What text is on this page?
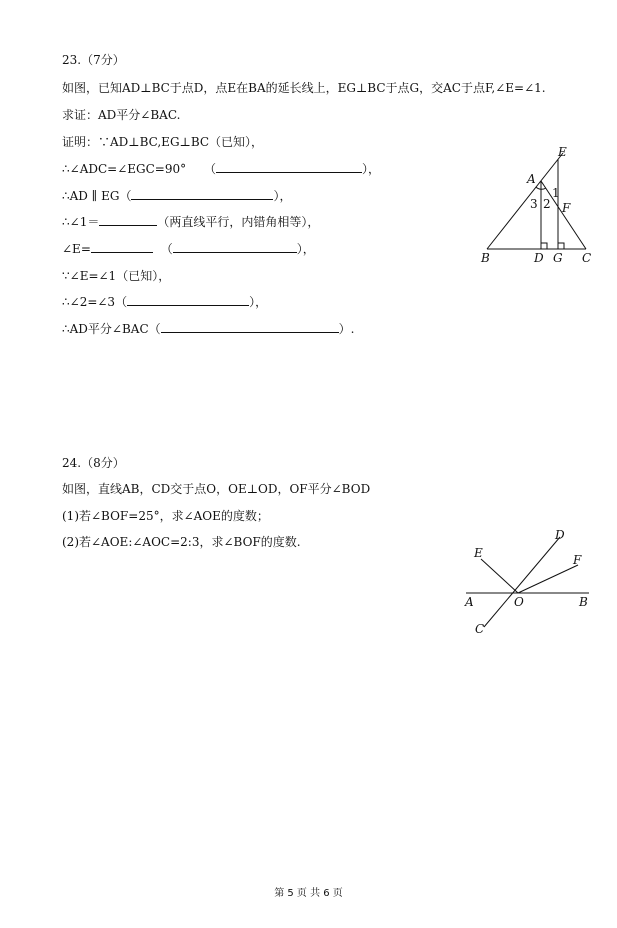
23.（7分）
如图，已知AD⊥BC于点D，点E在BA的延长线上，EG⊥BC于点G，交AC于点F,∠E=∠1.
求证：AD平分∠BAC.
证明：∵AD⊥BC,EG⊥BC（已知），
∴∠ADC=∠EGC=90° （	），
∴AD ∥ EG（	），
∴∠1＝	（两直线平行，内错角相等），
∠E=	（	），
∵∠E=∠1（已知），
∴∠2=∠3（	），
∴AD平分∠BAC（	）.
E
A
1
3 2 F
B	D G C
24.（8分）
如图，直线AB，CD交于点O，OE⊥OD，OF平分∠BOD
(1)若∠BOF=25°，求∠AOE的度数；
(2)若∠AOE:∠AOC=2:3，求∠BOF的度数.
E
D
F
A	O	B
C
第 5 页 共 6 页
